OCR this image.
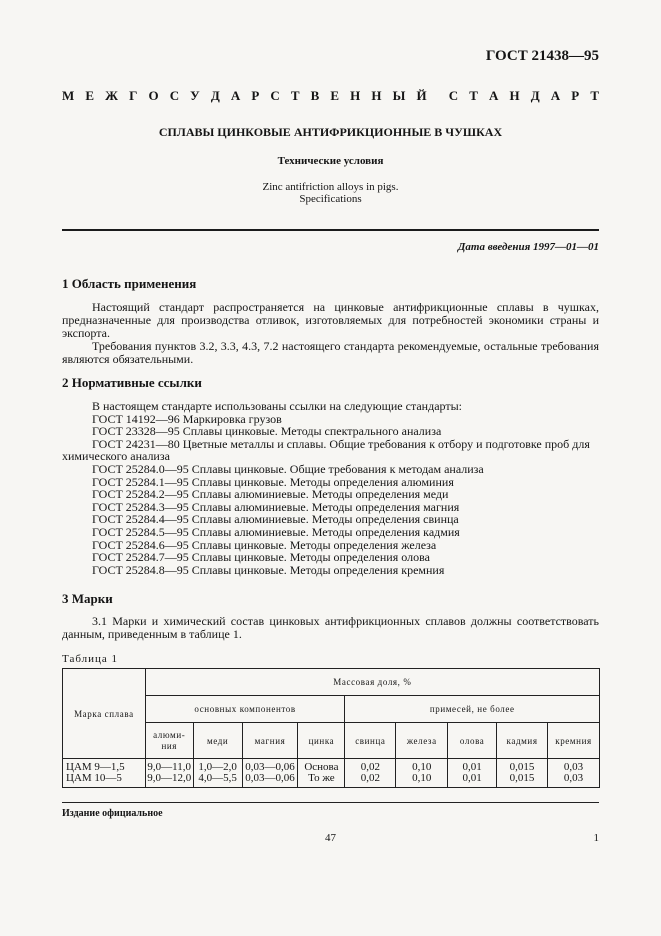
ГОСТ 21438—95
М Е Ж Г О С У Д А Р С Т В Е Н Н Ы Й С Т А Н Д А Р Т
СПЛАВЫ ЦИНКОВЫЕ АНТИФРИКЦИОННЫЕ В ЧУШКАХ
Технические условия
Zinc antifriction alloys in pigs.
Specifications
Дата введения 1997—01—01
1 Область применения
Настоящий стандарт распространяется на цинковые антифрикционные сплавы в чушках, предназначенные для производства отливок, изготовляемых для потребностей экономики страны и экспорта.
Требования пунктов 3.2, 3.3, 4.3, 7.2 настоящего стандарта рекомендуемые, остальные требования являются обязательными.
2 Нормативные ссылки
В настоящем стандарте использованы ссылки на следующие стандарты:
ГОСТ 14192—96 Маркировка грузов
ГОСТ 23328—95 Сплавы цинковые. Методы спектрального анализа
ГОСТ 24231—80 Цветные металлы и сплавы. Общие требования к отбору и подготовке проб для химического анализа
ГОСТ 25284.0—95 Сплавы цинковые. Общие требования к методам анализа
ГОСТ 25284.1—95 Сплавы цинковые. Методы определения алюминия
ГОСТ 25284.2—95 Сплавы алюминиевые. Методы определения меди
ГОСТ 25284.3—95 Сплавы алюминиевые. Методы определения магния
ГОСТ 25284.4—95 Сплавы алюминиевые. Методы определения свинца
ГОСТ 25284.5—95 Сплавы алюминиевые. Методы определения кадмия
ГОСТ 25284.6—95 Сплавы цинковые. Методы определения железа
ГОСТ 25284.7—95 Сплавы цинковые. Методы определения олова
ГОСТ 25284.8—95 Сплавы цинковые. Методы определения кремния
3 Марки
3.1 Марки и химический состав цинковых антифрикционных сплавов должны соответствовать данным, приведенным в таблице 1.
Таблица 1
Марка сплава	Массовая доля, %								
	основных компонентов				примесей, не более				
	алюми-
ния	меди	магния	цинка	свинца	железа	олова	кадмия	кремния
ЦАМ 9—1,5	9,0—11,0	1,0—2,0	0,03—0,06	Основа	0,02	0,10	0,01	0,015	0,03
ЦАМ 10—5	9,0—12,0	4,0—5,5	0,03—0,06	То же	0,02	0,10	0,01	0,015	0,03
Издание официальное
47	1
